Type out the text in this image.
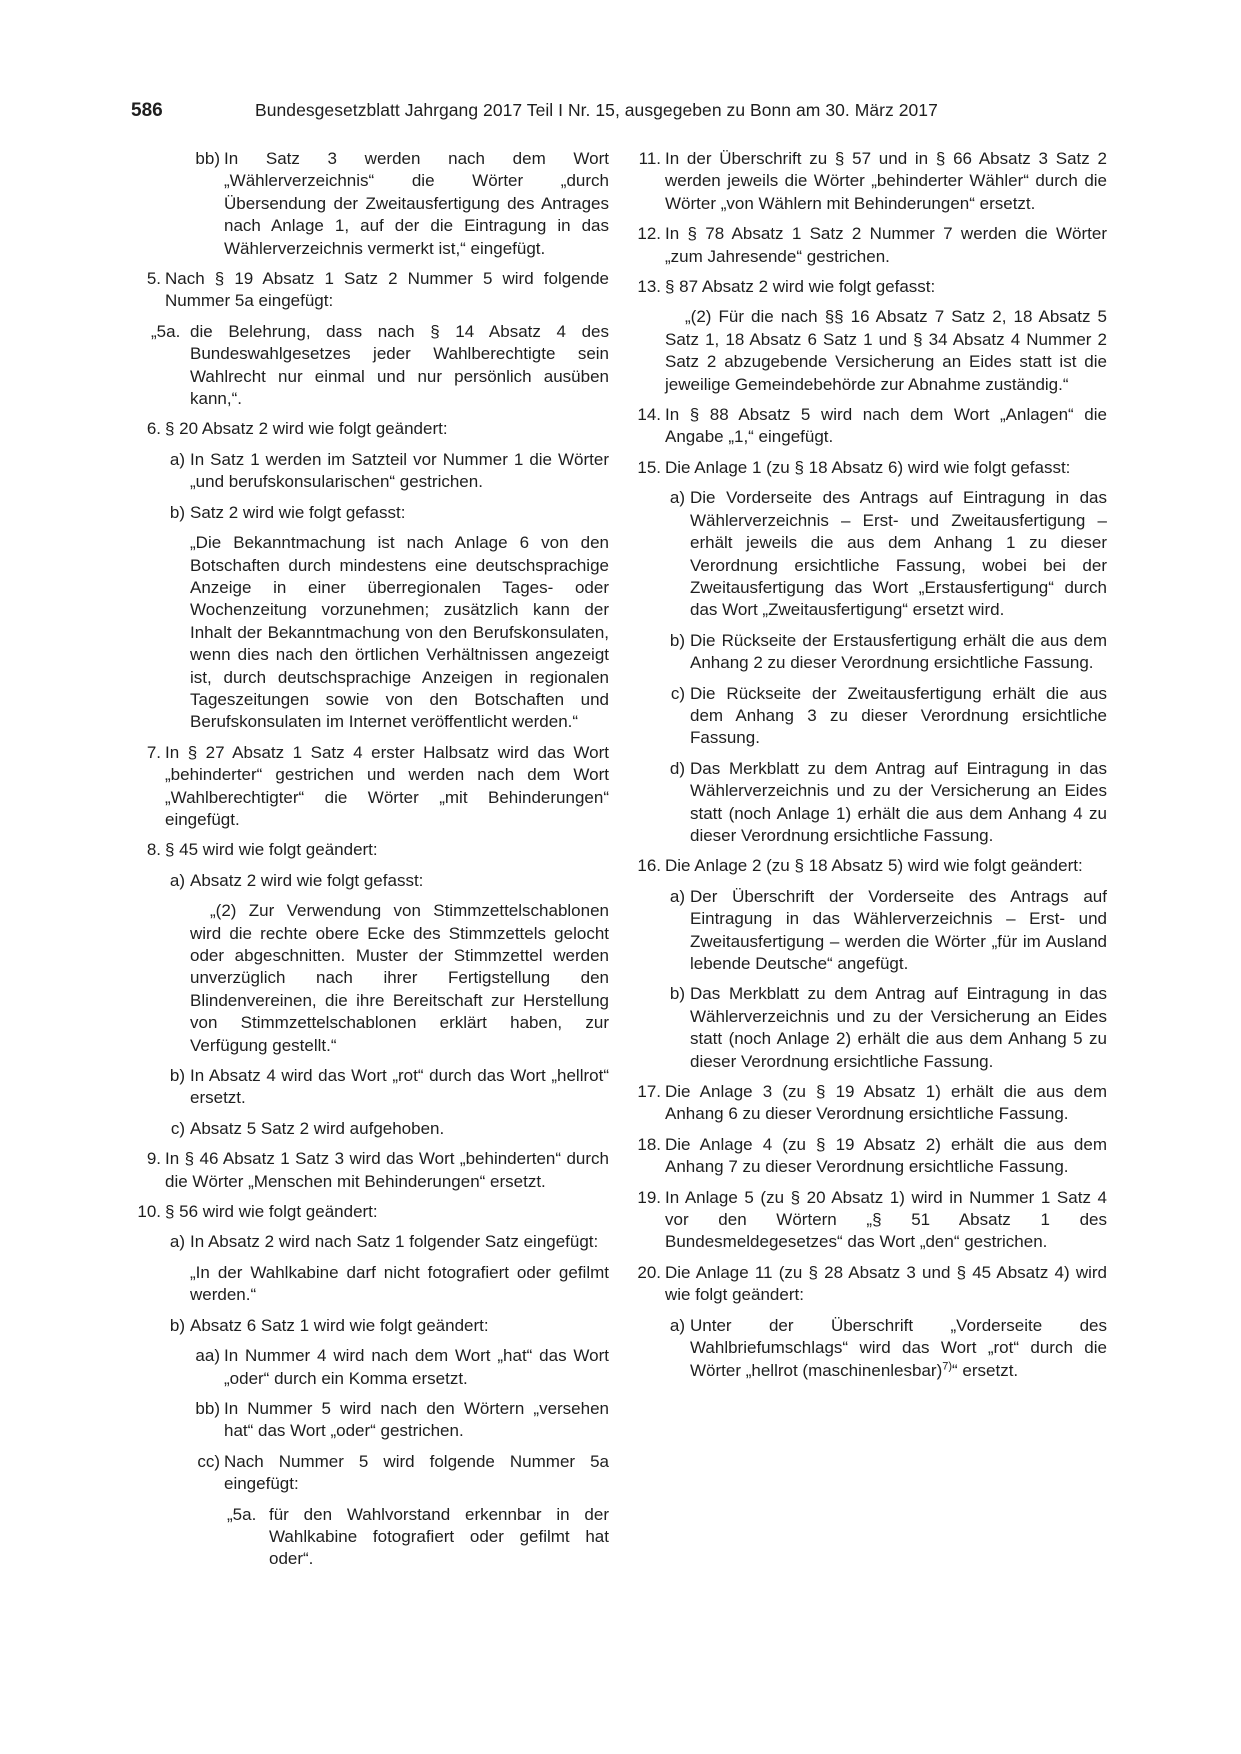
586	Bundesgesetzblatt Jahrgang 2017 Teil I Nr. 15, ausgegeben zu Bonn am 30. März 2017
bb) In Satz 3 werden nach dem Wort „Wählerverzeichnis“ die Wörter „durch Übersendung der Zweitausfertigung des Antrages nach Anlage 1, auf der die Eintragung in das Wählerverzeichnis vermerkt ist,“ eingefügt.
5. Nach § 19 Absatz 1 Satz 2 Nummer 5 wird folgende Nummer 5a eingefügt:
„5a. die Belehrung, dass nach § 14 Absatz 4 des Bundeswahlgesetzes jeder Wahlberechtigte sein Wahlrecht nur einmal und nur persönlich ausüben kann,“.
6. § 20 Absatz 2 wird wie folgt geändert:
a) In Satz 1 werden im Satzteil vor Nummer 1 die Wörter „und berufskonsularischen“ gestrichen.
b) Satz 2 wird wie folgt gefasst:
„Die Bekanntmachung ist nach Anlage 6 von den Botschaften durch mindestens eine deutschsprachige Anzeige in einer überregionalen Tages- oder Wochenzeitung vorzunehmen; zusätzlich kann der Inhalt der Bekanntmachung von den Berufskonsulaten, wenn dies nach den örtlichen Verhältnissen angezeigt ist, durch deutschsprachige Anzeigen in regionalen Tageszeitungen sowie von den Botschaften und Berufskonsulaten im Internet veröffentlicht werden.“
7. In § 27 Absatz 1 Satz 4 erster Halbsatz wird das Wort „behinderter“ gestrichen und werden nach dem Wort „Wahlberechtigter“ die Wörter „mit Behinderungen“ eingefügt.
8. § 45 wird wie folgt geändert:
a) Absatz 2 wird wie folgt gefasst:
„(2) Zur Verwendung von Stimmzettelschablonen wird die rechte obere Ecke des Stimmzettels gelocht oder abgeschnitten. Muster der Stimmzettel werden unverzüglich nach ihrer Fertigstellung den Blindenvereinen, die ihre Bereitschaft zur Herstellung von Stimmzettelschablonen erklärt haben, zur Verfügung gestellt.“
b) In Absatz 4 wird das Wort „rot“ durch das Wort „hellrot“ ersetzt.
c) Absatz 5 Satz 2 wird aufgehoben.
9. In § 46 Absatz 1 Satz 3 wird das Wort „behinderten“ durch die Wörter „Menschen mit Behinderungen“ ersetzt.
10. § 56 wird wie folgt geändert:
a) In Absatz 2 wird nach Satz 1 folgender Satz eingefügt:
„In der Wahlkabine darf nicht fotografiert oder gefilmt werden.“
b) Absatz 6 Satz 1 wird wie folgt geändert:
aa) In Nummer 4 wird nach dem Wort „hat“ das Wort „oder“ durch ein Komma ersetzt.
bb) In Nummer 5 wird nach den Wörtern „versehen hat“ das Wort „oder“ gestrichen.
cc) Nach Nummer 5 wird folgende Nummer 5a eingefügt:
„5a. für den Wahlvorstand erkennbar in der Wahlkabine fotografiert oder gefilmt hat oder“.
11. In der Überschrift zu § 57 und in § 66 Absatz 3 Satz 2 werden jeweils die Wörter „behinderter Wähler“ durch die Wörter „von Wählern mit Behinderungen“ ersetzt.
12. In § 78 Absatz 1 Satz 2 Nummer 7 werden die Wörter „zum Jahresende“ gestrichen.
13. § 87 Absatz 2 wird wie folgt gefasst:
„(2) Für die nach §§ 16 Absatz 7 Satz 2, 18 Absatz 5 Satz 1, 18 Absatz 6 Satz 1 und § 34 Absatz 4 Nummer 2 Satz 2 abzugebende Versicherung an Eides statt ist die jeweilige Gemeindebehörde zur Abnahme zuständig.“
14. In § 88 Absatz 5 wird nach dem Wort „Anlagen“ die Angabe „1,“ eingefügt.
15. Die Anlage 1 (zu § 18 Absatz 6) wird wie folgt gefasst:
a) Die Vorderseite des Antrags auf Eintragung in das Wählerverzeichnis – Erst- und Zweitausfertigung – erhält jeweils die aus dem Anhang 1 zu dieser Verordnung ersichtliche Fassung, wobei bei der Zweitausfertigung das Wort „Erstausfertigung“ durch das Wort „Zweitausfertigung“ ersetzt wird.
b) Die Rückseite der Erstausfertigung erhält die aus dem Anhang 2 zu dieser Verordnung ersichtliche Fassung.
c) Die Rückseite der Zweitausfertigung erhält die aus dem Anhang 3 zu dieser Verordnung ersichtliche Fassung.
d) Das Merkblatt zu dem Antrag auf Eintragung in das Wählerverzeichnis und zu der Versicherung an Eides statt (noch Anlage 1) erhält die aus dem Anhang 4 zu dieser Verordnung ersichtliche Fassung.
16. Die Anlage 2 (zu § 18 Absatz 5) wird wie folgt geändert:
a) Der Überschrift der Vorderseite des Antrags auf Eintragung in das Wählerverzeichnis – Erst- und Zweitausfertigung – werden die Wörter „für im Ausland lebende Deutsche“ angefügt.
b) Das Merkblatt zu dem Antrag auf Eintragung in das Wählerverzeichnis und zu der Versicherung an Eides statt (noch Anlage 2) erhält die aus dem Anhang 5 zu dieser Verordnung ersichtliche Fassung.
17. Die Anlage 3 (zu § 19 Absatz 1) erhält die aus dem Anhang 6 zu dieser Verordnung ersichtliche Fassung.
18. Die Anlage 4 (zu § 19 Absatz 2) erhält die aus dem Anhang 7 zu dieser Verordnung ersichtliche Fassung.
19. In Anlage 5 (zu § 20 Absatz 1) wird in Nummer 1 Satz 4 vor den Wörtern „§ 51 Absatz 1 des Bundesmeldegesetzes“ das Wort „den“ gestrichen.
20. Die Anlage 11 (zu § 28 Absatz 3 und § 45 Absatz 4) wird wie folgt geändert:
a) Unter der Überschrift „Vorderseite des Wahlbriefumschlags“ wird das Wort „rot“ durch die Wörter „hellrot (maschinenlesbar)$^{7)}$“ ersetzt.
